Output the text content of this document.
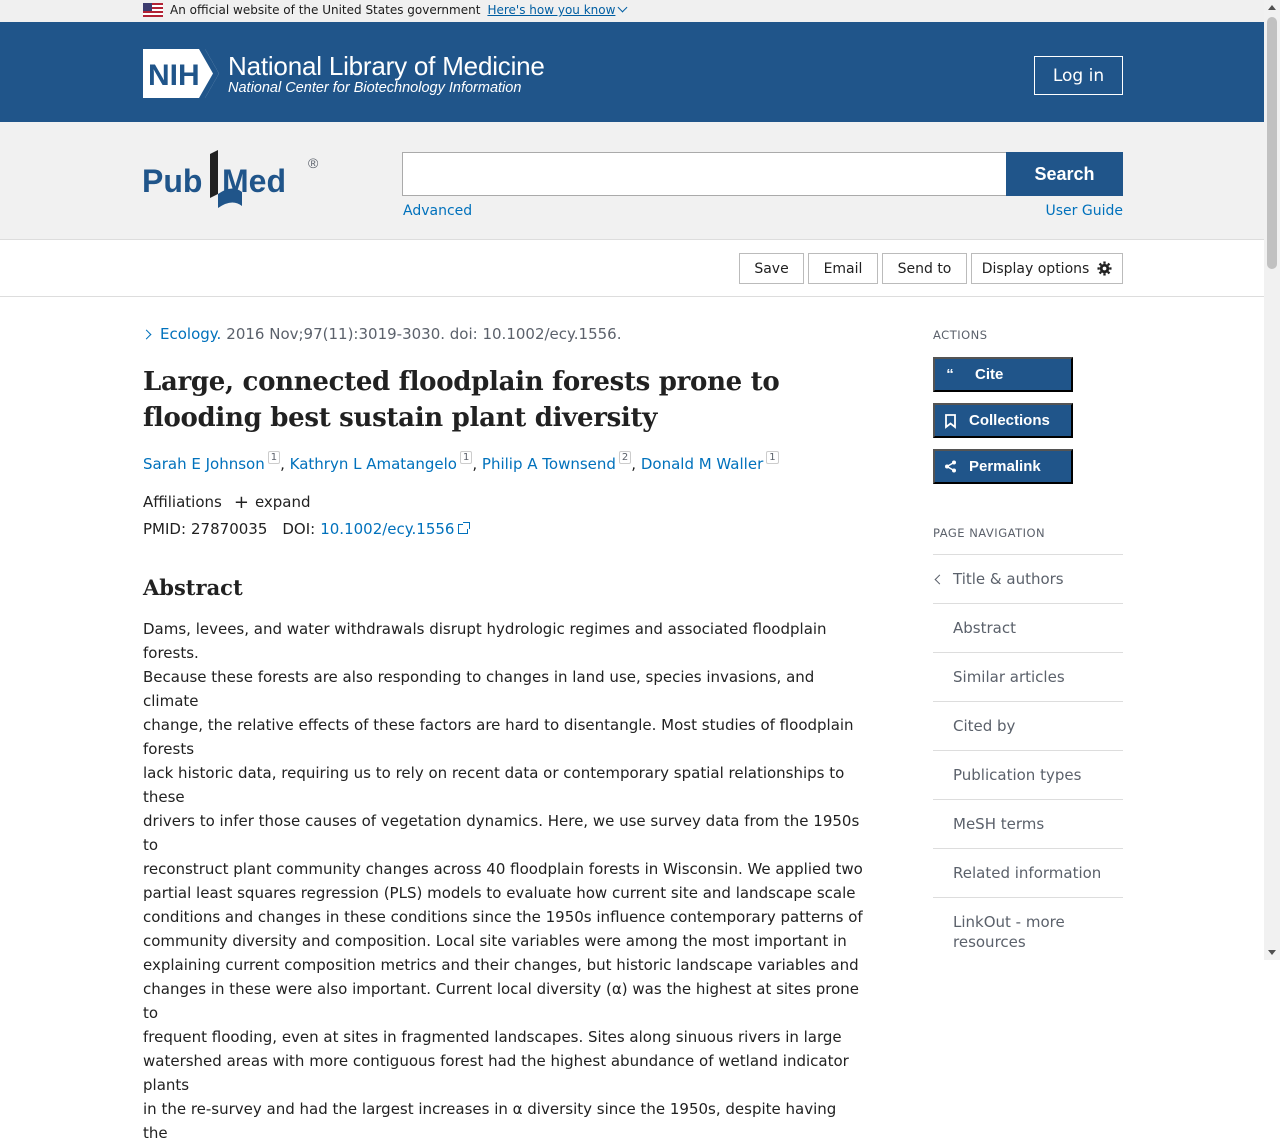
An official website of the United States government Here's how you know
NIH National Library of Medicine
National Center for Biotechnology Information
Log in
Pub Med ®
Search
Advanced	User Guide
Save	Email	Send to	Display options
Ecology. 2016 Nov;97(11):3019-3030. doi: 10.1002/ecy.1556.
Large, connected floodplain forests prone to flooding best sustain plant diversity
Sarah E Johnson $^1$ , Kathryn L Amatangelo $^1$ , Philip A Townsend $^2$ , Donald M Waller $^1$
Affiliations + expand
PMID: 27870035 DOI: 10.1002/ecy.1556
Abstract
Dams, levees, and water withdrawals disrupt hydrologic regimes and associated floodplain forests.
Because these forests are also responding to changes in land use, species invasions, and climate
change, the relative effects of these factors are hard to disentangle. Most studies of floodplain forests
lack historic data, requiring us to rely on recent data or contemporary spatial relationships to these
drivers to infer those causes of vegetation dynamics. Here, we use survey data from the 1950s to
reconstruct plant community changes across 40 floodplain forests in Wisconsin. We applied two
partial least squares regression (PLS) models to evaluate how current site and landscape scale
conditions and changes in these conditions since the 1950s influence contemporary patterns of
community diversity and composition. Local site variables were among the most important in
explaining current composition metrics and their changes, but historic landscape variables and
changes in these were also important. Current local diversity (α) was the highest at sites prone to
frequent flooding, even at sites in fragmented landscapes. Sites along sinuous rivers in large
watershed areas with more contiguous forest had the highest abundance of wetland indicator plants
in the re-survey and had the largest increases in α diversity since the 1950s, despite having the
ACTIONS
“	Cite
Collections
Permalink
PAGE NAVIGATION
Title & authors
Abstract
Similar articles
Cited by
Publication types
MeSH terms
Related information
LinkOut - more resources
